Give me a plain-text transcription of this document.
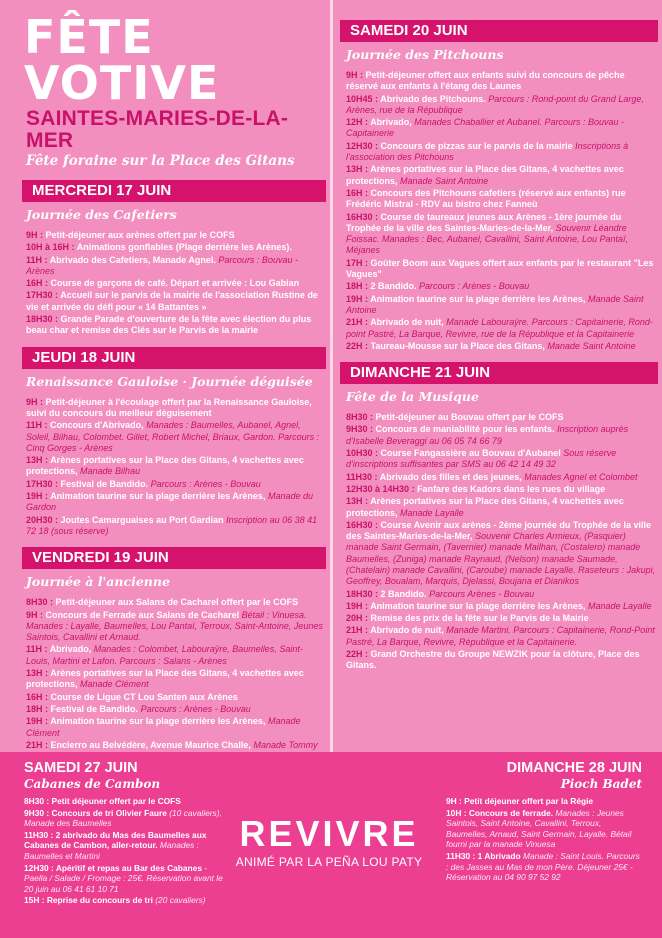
FÊTE VOTIVE
SAINTES-MARIES-DE-LA-MER
Fête foraine sur la Place des Gitans
MERCREDI 17 JUIN
Journée des Cafetiers
9H : Petit-déjeuner aux arènes offert par le COFS
10H à 16H : Animations gonflables (Plage derrière les Arènes).
11H : Abrivado des Cafetiers, Manade Agnel. Parcours : Bouvau - Arènes
16H : Course de garçons de café. Départ et arrivée : Lou Gabian
17H30 : Accueil sur le parvis de la mairie de l'association Rustine de vie et arrivée du défi pour « 14 Battantes »
18H30 : Grande Parade d'ouverture de la fête avec élection du plus beau char et remise des Clés sur le Parvis de la mairie
JEUDI 18 JUIN
Renaissance Gauloise · Journée déguisée
9H : Petit-déjeuner à l'écoulage offert par la Renaissance Gauloise, suivi du concours du meilleur déguisement
11H : Concours d'Abrivado, Manades : Baumelles, Aubanel, Agnel, Soleil, Bilhau, Colombet. Gillet, Robert Michel, Briaux, Gardon. Parcours : Cinq Gorges - Arènes
13H : Arènes portatives sur la Place des Gitans, 4 vachettes avec protections, Manade Bilhau
17H30 : Festival de Bandido. Parcours : Arènes - Bouvau
19H : Animation taurine sur la plage derrière les Arènes, Manade du Gardon
20H30 : Joutes Camarguaises au Port Gardian Inscription au 06 38 41 72 18 (sous réserve)
VENDREDI 19 JUIN
Journée à l'ancienne
8H30 : Petit-déjeuner aux Salans de Cacharel offert par le COFS
9H : Concours de Ferrade aux Salans de Cacharel Bétail : Vinuesa. Manades : Layalle, Baumelles, Lou Pantaï, Terroux, Saint-Antoine, Jeunes Saintois, Cavallini et Arnaud.
11H : Abrivado, Manades : Colombet, Labouraÿre, Baumelles, Saint-Louis, Martini et Lafon. Parcours : Salans - Arènes
13H : Arènes portatives sur la Place des Gitans, 4 vachettes avec protections, Manade Clément
16H : Course de Ligue CT Lou Santen aux Arènes
18H : Festival de Bandido. Parcours : Arènes - Bouvau
19H : Animation taurine sur la plage derrière les Arènes, Manade Clément
21H : Encierro au Belvédère, Avenue Maurice Challe, Manade Tommy
SAMEDI 20 JUIN
Journée des Pitchouns
9H : Petit-déjeuner offert aux enfants suivi du concours de pêche réservé aux enfants à l'étang des Launes
10H45 : Abrivado des Pitchouns. Parcours : Rond-point du Grand Large, Arènes, rue de la République
12H : Abrivado, Manades Chaballier et Aubanel. Parcours : Bouvau - Capitainerie
12H30 : Concours de pizzas sur le parvis de la mairie Inscriptions à l'association des Pitchouns
13H : Arènes portatives sur la Place des Gitans, 4 vachettes avec protections, Manade Saint Antoine
16H : Concours des Pitchouns cafetiers (réservé aux enfants) rue Frédéric Mistral - RDV au bistro chez Fanneù
16H30 : Course de taureaux jeunes aux Arènes - 1ère journée du Trophée de la ville des Saintes-Maries-de-la-Mer, Souvenir Léandre Foissac. Manades : Bec, Aubanel, Cavallini, Saint Antoine, Lou Pantaï, Méjanes
17H : Goûter Boom aux Vagues offert aux enfants par le restaurant "Les Vagues"
18H : 2 Bandido. Parcours : Arènes - Bouvau
19H : Animation taurine sur la plage derrière les Arènes, Manade Saint Antoine
21H : Abrivado de nuit, Manade Labouraÿre. Parcours : Capitainerie, Rond-point Pastré, La Barque, Revivre, rue de la République et la Capitainerie
22H : Taureau-Mousse sur la Place des Gitans, Manade Saint Antoine
DIMANCHE 21 JUIN
Fête de la Musique
8H30 : Petit-déjeuner au Bouvau offert par le COFS
9H30 : Concours de maniabilité pour les enfants. Inscription auprès d'Isabelle Beveraggi au 06 05 74 66 79
10H30 : Course Fangassière au Bouvau d'Aubanel Sous réserve d'inscriptions suffisantes par SMS au 06 42 14 49 32
11H30 : Abrivado des filles et des jeunes, Manades Agnel et Colombet
12H30 à 14H30 : Fanfare des Kadors dans les rues du village
13H : Arènes portatives sur la Place des Gitans, 4 vachettes avec protections, Manade Layalle
16H30 : Course Avenir aux arènes - 2ème journée du Trophée de la ville des Saintes-Maries-de-la-Mer, Souvenir Charles Armieux, (Pasquier) manade Saint Germain, (Tavernier) manade Mailhan, (Costalero) manade Baumelles, (Zuniga) manade Raynaud, (Nelson) manade Saumade, (Chatelain) manade Cavallini, (Caroube) manade Layalle. Raseteurs : Jakupi, Geoffrey, Boualam, Marquis, Djelassi, Boujana et Dianikos
18H30 : 2 Bandido. Parcours Arènes - Bouvau
19H : Animation taurine sur la plage derrière les Arènes, Manade Layalle
20H : Remise des prix de la fête sur le Parvis de la Mairie
21H : Abrivado de nuit, Manade Martini. Parcours : Capitainerie, Rond-Point Pastré, La Barque, Revivre, République et la Capitainerie.
22H : Grand Orchestre du Groupe NEWZIK pour la clôture, Place des Gitans.
SAMEDI 27 JUIN
Cabanes de Cambon
8H30 : Petit déjeuner offert par le COFS
9H30 : Concours de tri Olivier Faure (10 cavaliers), Manade des Baumelles
11H30 : 2 abrivado du Mas des Baumelles aux Cabanes de Cambon, aller-retour. Manades : Baumelles et Martini
12H30 : Apéritif et repas au Bar des Cabanes - Paella / Salade / Fromage : 25€. Réservation avant le 20 juin au 06 41 61 10 71
15H : Reprise du concours de tri (20 cavaliers)
REVIVRE
ANIMÉ PAR LA PEÑA LOU PATY
DIMANCHE 28 JUIN
Pioch Badet
9H : Petit déjeuner offert par la Régie
10H : Concours de ferrade. Manades : Jeunes Saintois, Saint Antoine, Cavallini, Terroux, Baumelles, Arnaud, Saint Germain, Layalle. Bétail fourni par la manade Vinuesa
11H30 : 1 Abrivado Manade : Saint Louis. Parcours : des Jasses au Mas de mon Père. Déjeuner 25€ - Réservation au 04 90 97 52 92
